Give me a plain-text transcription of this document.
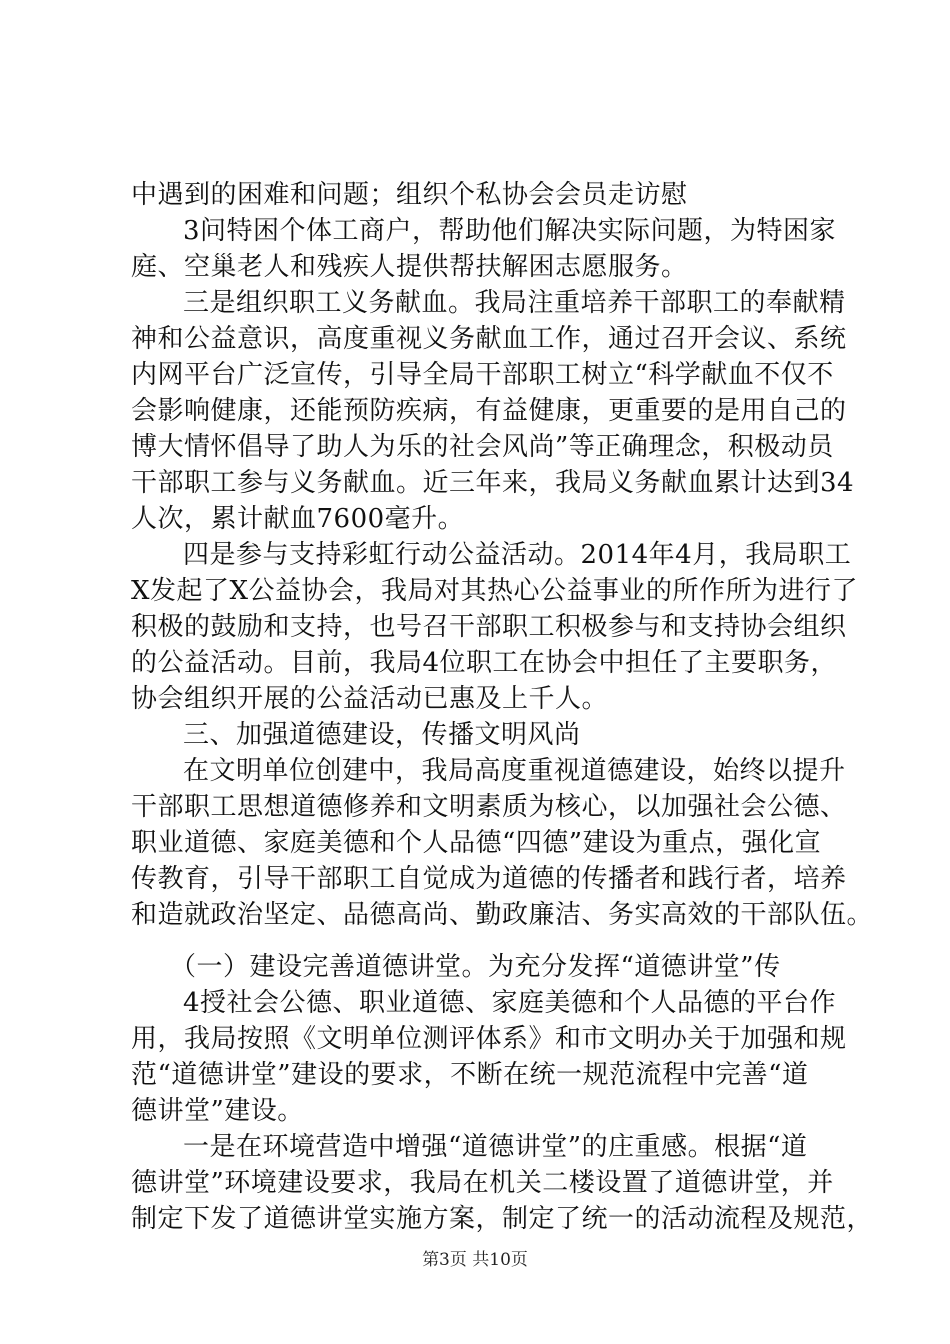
中遇到的困难和问题；组织个私协会会员走访慰
3问特困个体工商户，帮助他们解决实际问题，为特困家
庭、空巢老人和残疾人提供帮扶解困志愿服务。
三是组织职工义务献血。我局注重培养干部职工的奉献精
神和公益意识，高度重视义务献血工作，通过召开会议、系统
内网平台广泛宣传，引导全局干部职工树立“科学献血不仅不
会影响健康，还能预防疾病，有益健康，更重要的是用自己的
博大情怀倡导了助人为乐的社会风尚”等正确理念，积极动员
干部职工参与义务献血。近三年来，我局义务献血累计达到34
人次，累计献血7600毫升。
四是参与支持彩虹行动公益活动。2014年4月，我局职工
X发起了X公益协会，我局对其热心公益事业的所作所为进行了
积极的鼓励和支持，也号召干部职工积极参与和支持协会组织
的公益活动。目前，我局4位职工在协会中担任了主要职务，
协会组织开展的公益活动已惠及上千人。
三、加强道德建设，传播文明风尚
在文明单位创建中，我局高度重视道德建设，始终以提升
干部职工思想道德修养和文明素质为核心，以加强社会公德、
职业道德、家庭美德和个人品德“四德”建设为重点，强化宣
传教育，引导干部职工自觉成为道德的传播者和践行者，培养
和造就政治坚定、品德高尚、勤政廉洁、务实高效的干部队伍。
（一）建设完善道德讲堂。为充分发挥“道德讲堂”传
4授社会公德、职业道德、家庭美德和个人品德的平台作
用，我局按照《文明单位测评体系》和市文明办关于加强和规
范“道德讲堂”建设的要求，不断在统一规范流程中完善“道
德讲堂”建设。
一是在环境营造中增强“道德讲堂”的庄重感。根据“道
德讲堂”环境建设要求，我局在机关二楼设置了道德讲堂，并
制定下发了道德讲堂实施方案，制定了统一的活动流程及规范，
第3页 共10页
